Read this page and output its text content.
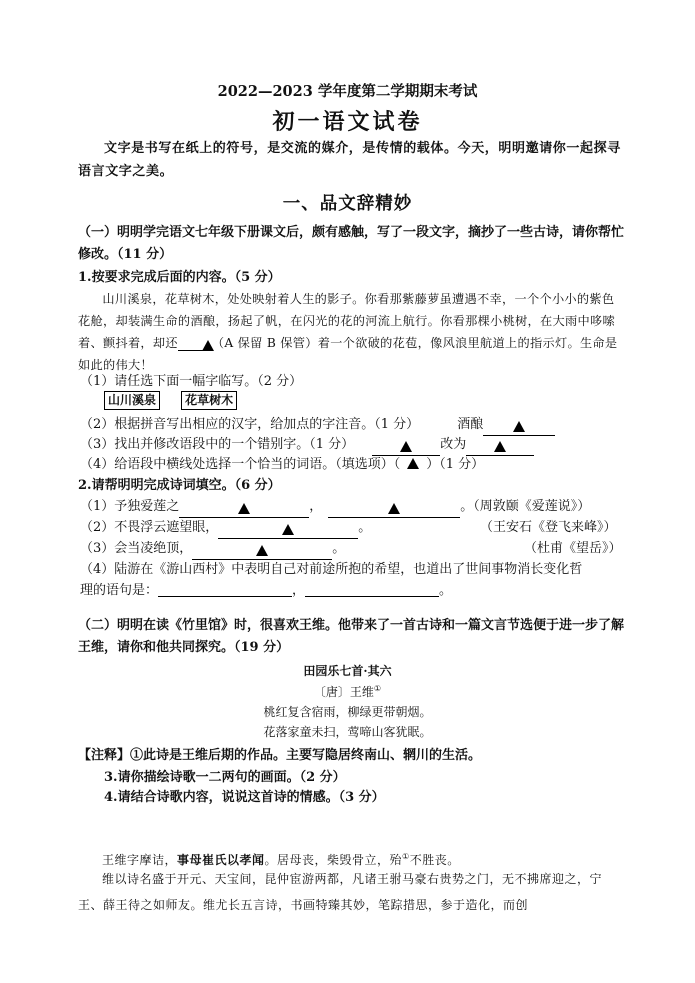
2022—2023 学年度第二学期期末考试
初一语文试卷
文字是书写在纸上的符号，是交流的媒介，是传情的载体。今天，明明邀请你一起探寻语言文字之美。
一、品文辞精妙
（一）明明学完语文七年级下册课文后，颇有感触，写了一段文字，摘抄了一些古诗，请你帮忙修改。（11 分）
1.按要求完成后面的内容。（5 分）
山川溪泉，花草树木，处处映射着人生的影子。你看那紫藤萝虽遭遇不幸，一个个小小的紫色花舱，却装满生命的酒酿，扬起了帆，在闪光的花的河流上航行。你看那棵小桃树，在大雨中哆嗦着、颤抖着，却还	（A 保留 B 保管）着一个欲破的花苞，像风浪里航道上的指示灯。生命是如此的伟大！
（1）请任选下面一幅字临写。（2 分）
山川溪泉 花草树木
（2）根据拼音写出相应的汉字，给加点的字注音。（1 分）	酒酿
（3）找出并修改语段中的一个错别字。（1 分）	改为
（4）给语段中横线处选择一个恰当的词语。（填选项）（ ）（1 分）
2.请帮明明完成诗词填空。（6 分）
（1）予独爱莲之	，	。（周敦颐《爱莲说》）
（2）不畏浮云遮望眼，	。	（王安石《登飞来峰》）
（3）会当凌绝顶，	。	（杜甫《望岳》）
（4）陆游在《游山西村》中表明自己对前途所抱的希望，也道出了世间事物消长变化哲
理的语句是：	，	。
（二）明明在读《竹里馆》时，很喜欢王维。他带来了一首古诗和一篇文言节选便于进一步了解王维，请你和他共同探究。（19 分）
田园乐七首·其六
〔唐〕王维①
桃红复含宿雨，柳绿更带朝烟。
花落家童未扫，莺啼山客犹眠。
【注释】①此诗是王维后期的作品。主要写隐居终南山、辋川的生活。
3.请你描绘诗歌一二两句的画面。（2 分）
4.请结合诗歌内容，说说这首诗的情感。（3 分）
王维字摩诘，事母崔氏以孝闻。居母丧，柴毁骨立，殆①不胜丧。
维以诗名盛于开元、天宝间，昆仲宦游两都，凡诸王驸马豪右贵势之门，无不拂席迎之，宁王、薛王待之如师友。维尤长五言诗，书画特臻其妙，笔踪措思，参于造化，而创
